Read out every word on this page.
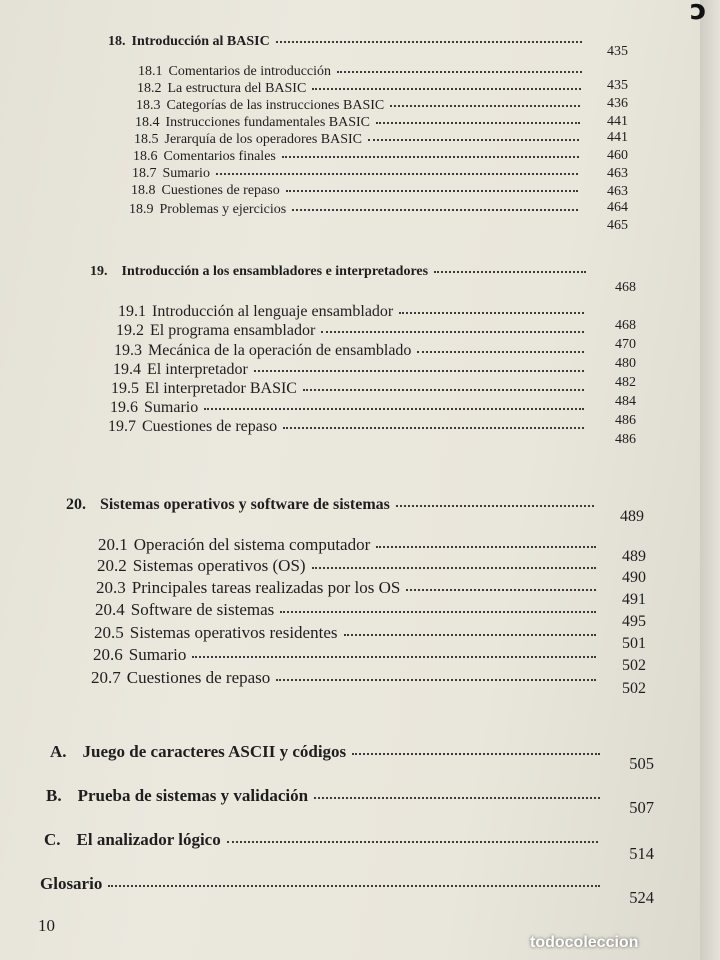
18. Introducción al BASIC
435
18.1 Comentarios de introducción
435
18.2 La estructura del BASIC
436
18.3 Categorías de las instrucciones BASIC
441
18.4 Instrucciones fundamentales BASIC
441
18.5 Jerarquía de los operadores BASIC
460
18.6 Comentarios finales
463
18.7 Sumario
463
18.8 Cuestiones de repaso
464
18.9 Problemas y ejercicios
465
19.	Introducción a los ensambladores e interpretadores
468
19.1 Introducción al lenguaje ensamblador
468
19.2 El programa ensamblador
470
19.3 Mecánica de la operación de ensamblado
480
19.4 El interpretador
482
19.5 El interpretador BASIC
484
19.6 Sumario
486
19.7 Cuestiones de repaso
486
20. Sistemas operativos y software de sistemas
489
20.1 Operación del sistema computador
489
20.2 Sistemas operativos (OS)
490
20.3 Principales tareas realizadas por los OS
491
20.4 Software de sistemas
495
20.5 Sistemas operativos residentes
501
20.6 Sumario
502
20.7 Cuestiones de repaso
502
A. Juego de caracteres ASCII y códigos
505
B. Prueba de sistemas y validación
507
C. El analizador lógico
514
Glosario
524
10
ɔ
todocoleccion
